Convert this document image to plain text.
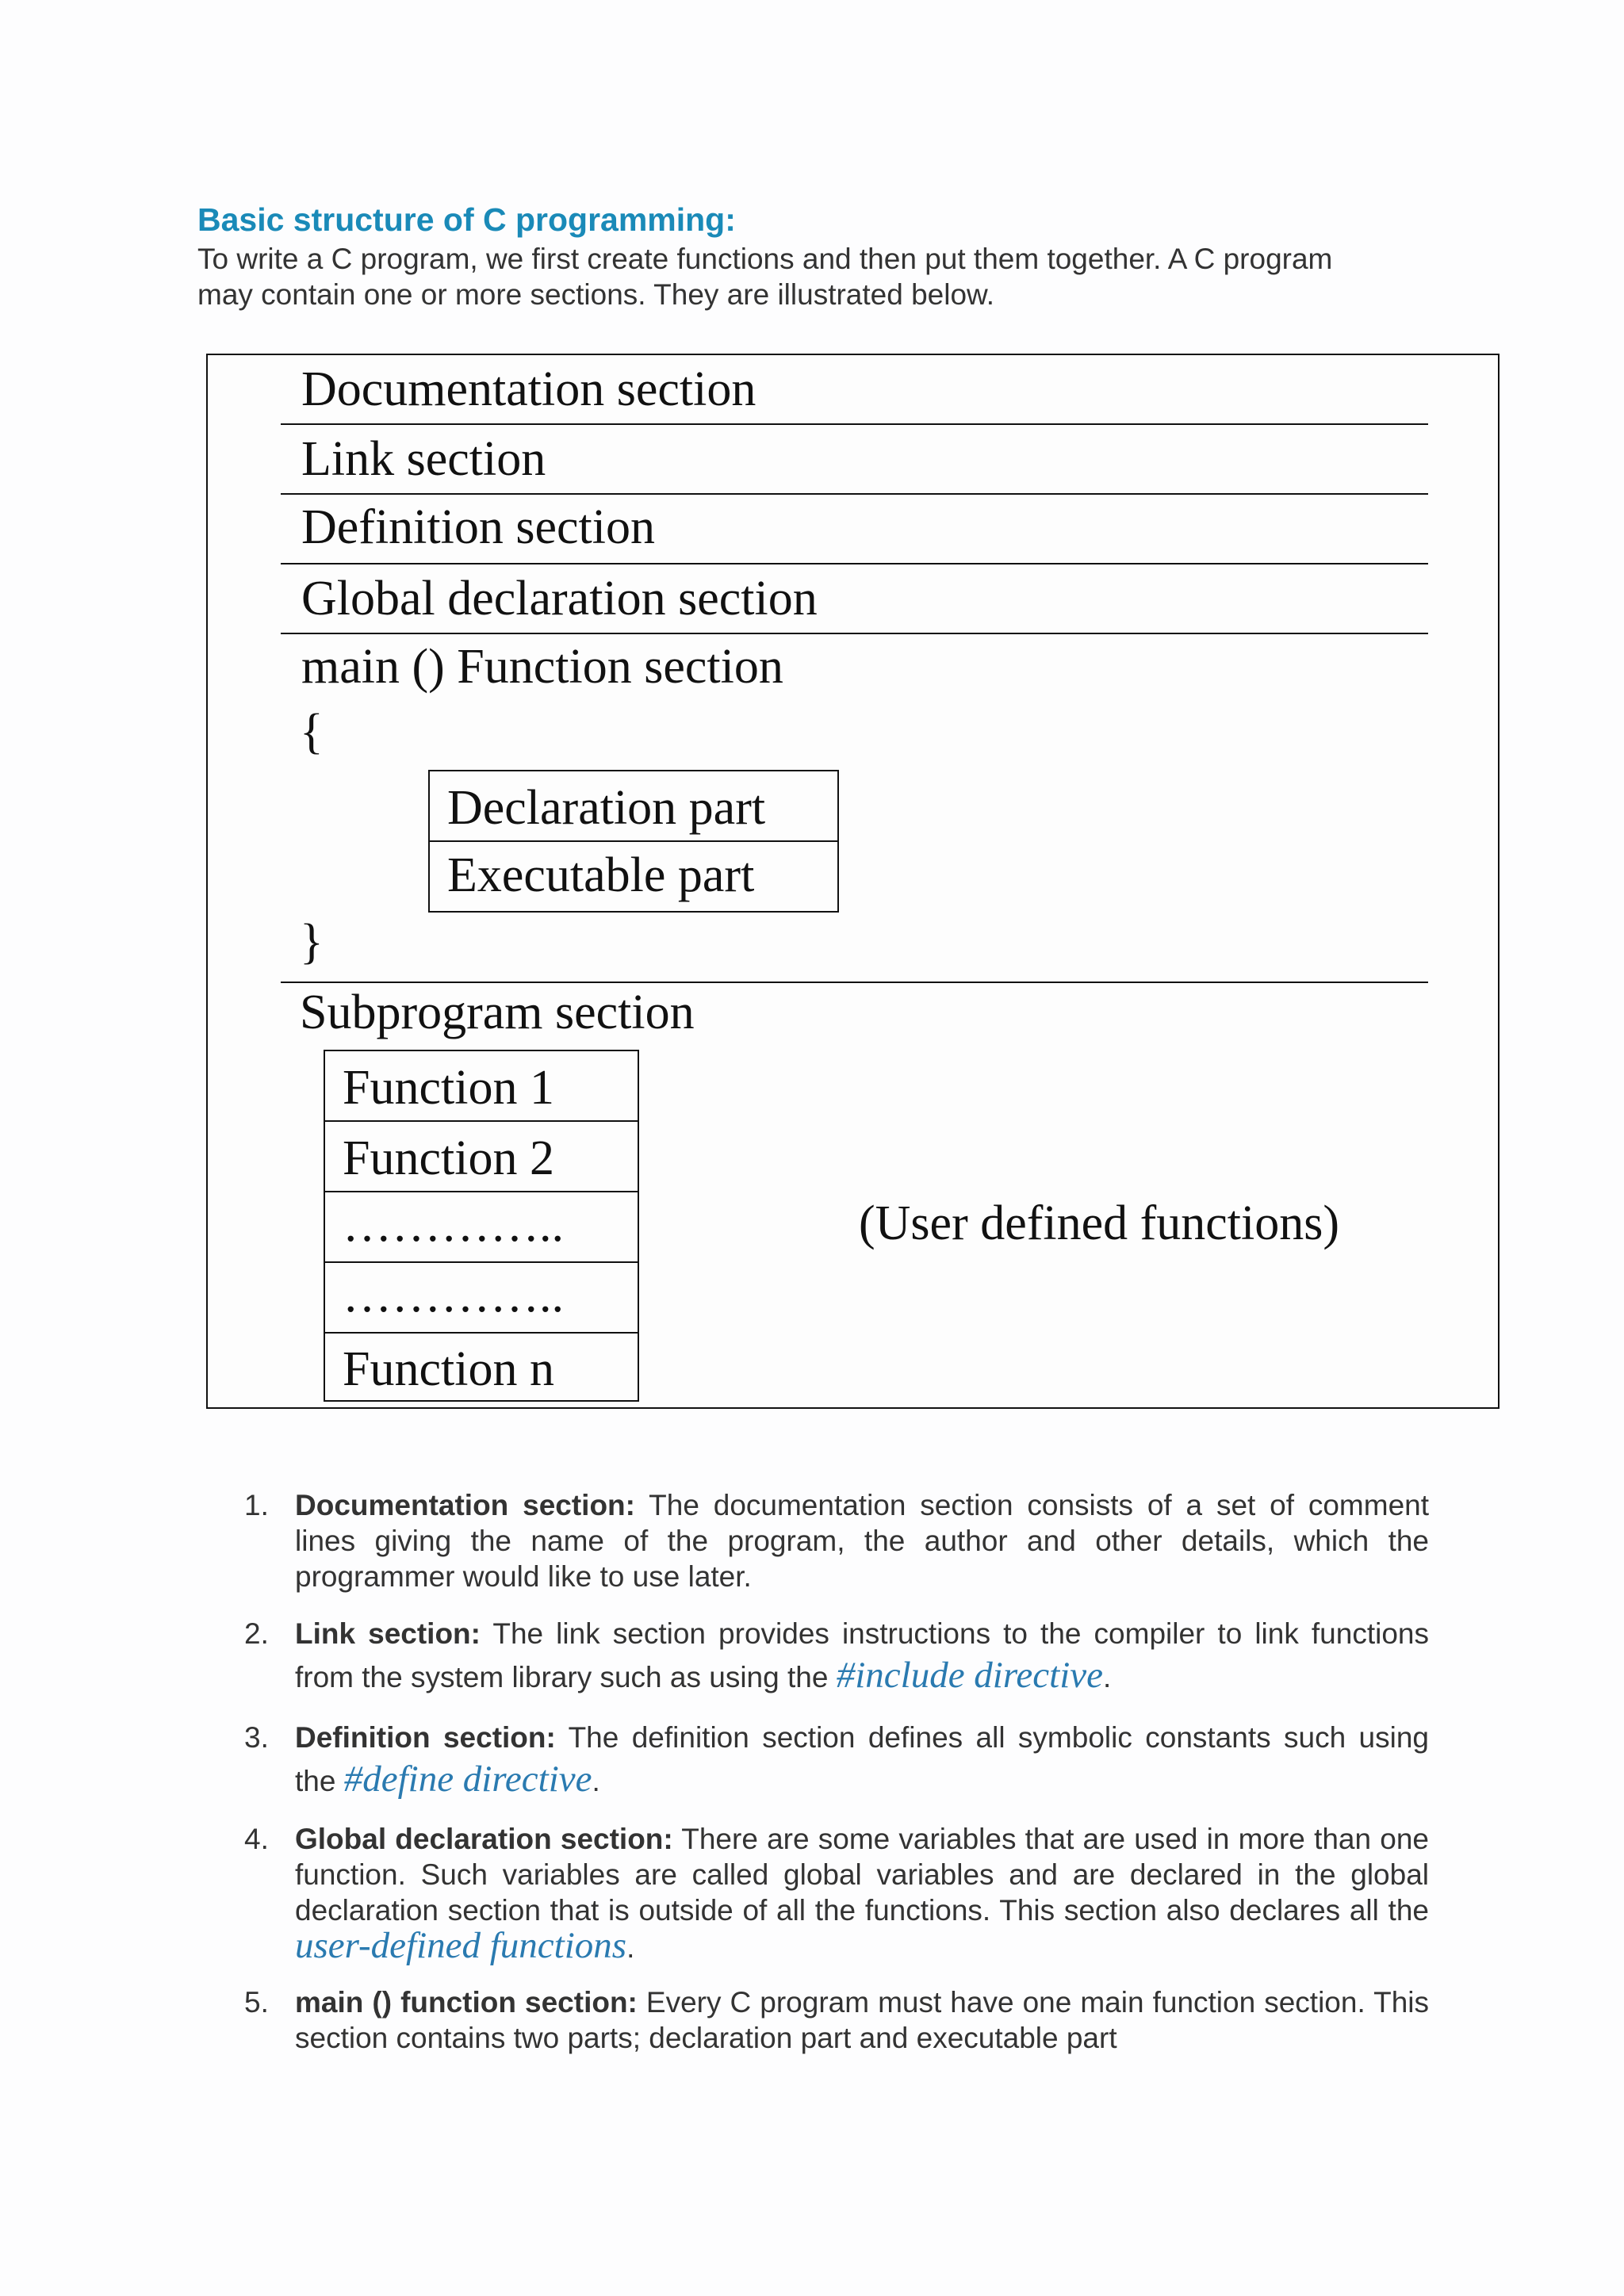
Basic structure of C programming:
To write a C program, we first create functions and then put them together. A C program
may contain one or more sections. They are illustrated below.
Documentation section
Link section
Definition section
Global declaration section
main () Function section
{
Declaration part
Executable part
}
Subprogram section
Function 1
Function 2
…………..
…………..
Function n
(User defined functions)
1. Documentation section: The documentation section consists of a set of comment lines giving the name of the program, the author and other details, which the programmer would like to use later.
2. Link section: The link section provides instructions to the compiler to link functions from the system library such as using the #include directive.
3. Definition section: The definition section defines all symbolic constants such using the #define directive.
4. Global declaration section: There are some variables that are used in more than one function. Such variables are called global variables and are declared in the global declaration section that is outside of all the functions. This section also declares all the user-defined functions.
5. main () function section: Every C program must have one main function section. This section contains two parts; declaration part and executable part
